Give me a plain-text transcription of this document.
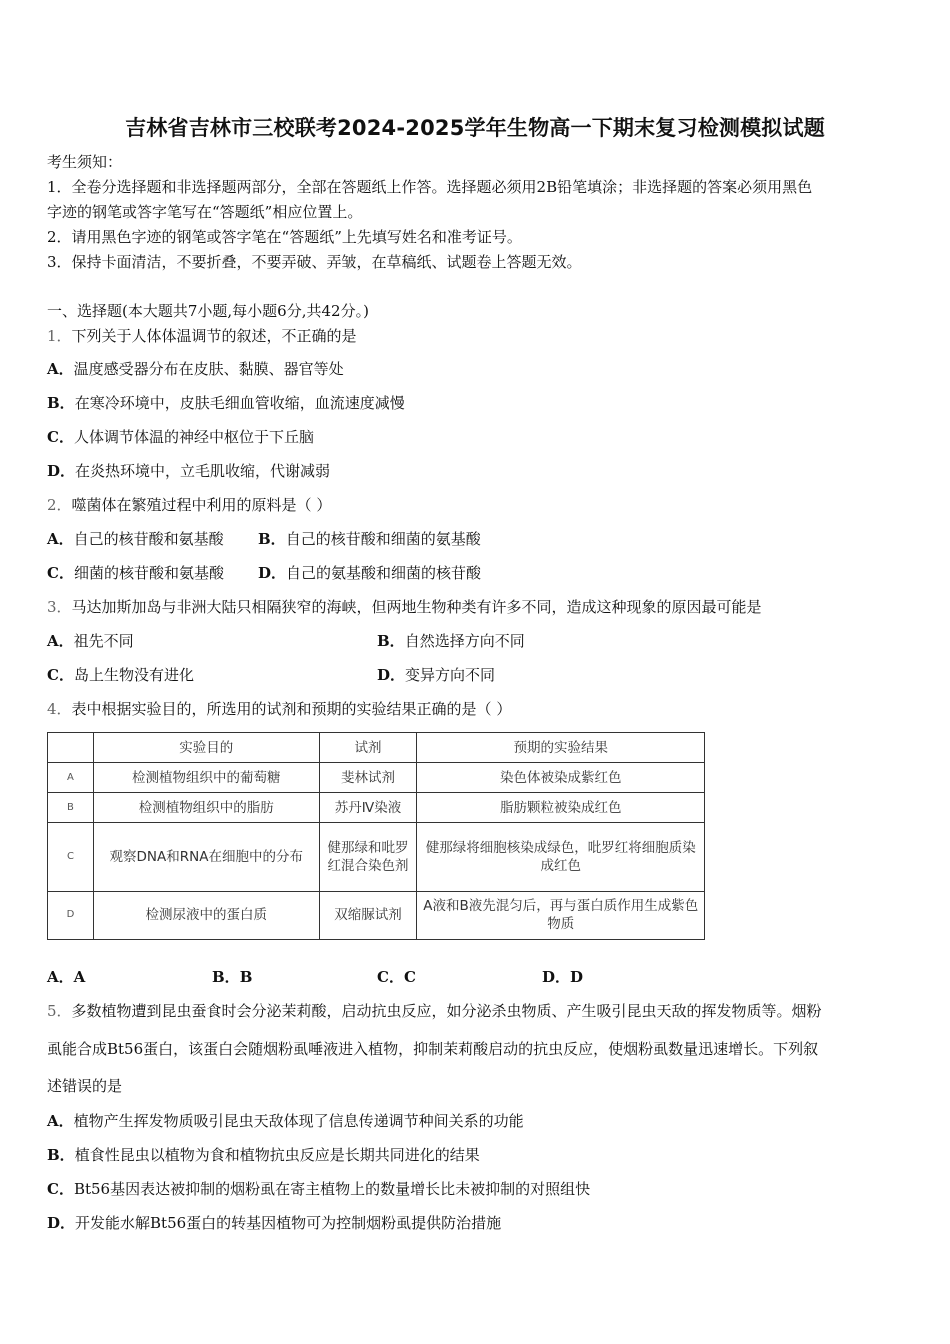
吉林省吉林市三校联考2024-2025学年生物高一下期末复习检测模拟试题
考生须知：
1．全卷分选择题和非选择题两部分，全部在答题纸上作答。选择题必须用2B铅笔填涂；非选择题的答案必须用黑色
字迹的钢笔或答字笔写在“答题纸”相应位置上。
2．请用黑色字迹的钢笔或答字笔在“答题纸”上先填写姓名和准考证号。
3．保持卡面清洁，不要折叠，不要弄破、弄皱，在草稿纸、试题卷上答题无效。
一、选择题(本大题共7小题,每小题6分,共42分。)
1．下列关于人体体温调节的叙述，不正确的是
A．温度感受器分布在皮肤、黏膜、器官等处
B．在寒冷环境中，皮肤毛细血管收缩，血流速度减慢
C．人体调节体温的神经中枢位于下丘脑
D．在炎热环境中，立毛肌收缩，代谢减弱
2．噬菌体在繁殖过程中利用的原料是（ ）
A．自己的核苷酸和氨基酸 B．自己的核苷酸和细菌的氨基酸
C．细菌的核苷酸和氨基酸 D．自己的氨基酸和细菌的核苷酸
3．马达加斯加岛与非洲大陆只相隔狭窄的海峡，但两地生物种类有许多不同，造成这种现象的原因最可能是
A．祖先不同	B．自然选择方向不同
C．岛上生物没有进化	D．变异方向不同
4．表中根据实验目的，所选用的试剂和预期的实验结果正确的是（ ）
	实验目的	试剂	预期的实验结果
A	检测植物组织中的葡萄糖	斐林试剂	染色体被染成紫红色
B	检测植物组织中的脂肪	苏丹Ⅳ染液	脂肪颗粒被染成红色
C	观察DNA和RNA在细胞中的分布	健那绿和吡罗红混合染色剂	健那绿将细胞核染成绿色，吡罗红将细胞质染成红色
D	检测尿液中的蛋白质	双缩脲试剂	A液和B液先混匀后，再与蛋白质作用生成紫色物质
A．A	B．B	C．C	D．D
5．多数植物遭到昆虫蚕食时会分泌茉莉酸，启动抗虫反应，如分泌杀虫物质、产生吸引昆虫天敌的挥发物质等。烟粉
虱能合成Bt56蛋白，该蛋白会随烟粉虱唾液进入植物，抑制茉莉酸启动的抗虫反应，使烟粉虱数量迅速增长。下列叙
述错误的是
A．植物产生挥发物质吸引昆虫天敌体现了信息传递调节种间关系的功能
B．植食性昆虫以植物为食和植物抗虫反应是长期共同进化的结果
C．Bt56基因表达被抑制的烟粉虱在寄主植物上的数量增长比未被抑制的对照组快
D．开发能水解Bt56蛋白的转基因植物可为控制烟粉虱提供防治措施
